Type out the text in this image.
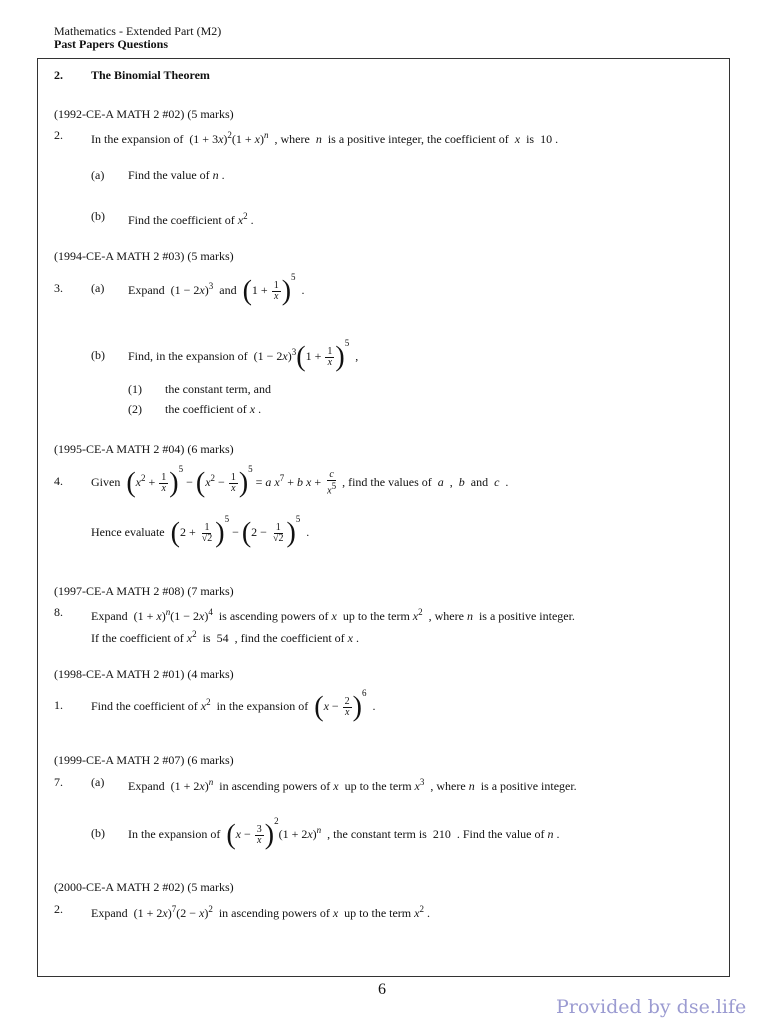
Mathematics - Extended Part (M2)
Past Papers Questions
2. The Binomial Theorem
(1992-CE-A MATH 2 #02) (5 marks)
2. In the expansion of  $(1 + 3x)^2(1 + x)^n$ , where n is a positive integer, the coefficient of x is 10 .
(a) Find the value of n .
(b) Find the coefficient of $x^2$ .
(1994-CE-A MATH 2 #03) (5 marks)
3. (a) Expand  $(1 - 2x)^3$ and $(1 + \frac{1}{x} )^5$  .
(b) Find, in the expansion of  $(1 - 2x)^3(1 + \frac{1}{x} )^5$  ,
(1) the constant term, and
(2) the coefficient of x .
(1995-CE-A MATH 2 #04) (6 marks)
4. Given $(x^2 + \frac{1}{x} )^5 - (x^2 - \frac{1}{x} )^5 = a$ $x^7 + b$ $x + \frac{c}{x^5}$ , find the values of a  ,  b and c  .
Hence evaluate $(2 + \frac{1}{√2} )^5 - (2 - \frac{1}{√2} )^5$  .
(1997-CE-A MATH 2 #08) (7 marks)
8. Expand  $(1 + x)^n(1 - 2x)^4$ is ascending powers of x up to the term $x^2$ , where n is a positive integer.
If the coefficient of $x^2$ is 54 , find the coefficient of x .
(1998-CE-A MATH 2 #01) (4 marks)
1. Find the coefficient of $x^2$ in the expansion of $(x - \frac{2}{x} )^6$  .
(1999-CE-A MATH 2 #07) (6 marks)
7. (a) Expand  $(1 + 2x)^n$ in ascending powers of x up to the term $x^3$ , where n is a positive integer.
(b) In the expansion of $(x - \frac{3}{x} )^2(1 + 2x)^n$ , the constant term is 210 . Find the value of n .
(2000-CE-A MATH 2 #02) (5 marks)
2. Expand  $(1 + 2x)^7(2 - x)^2$ in ascending powers of x up to the term $x^2$ .
6
Provided by dse.life
